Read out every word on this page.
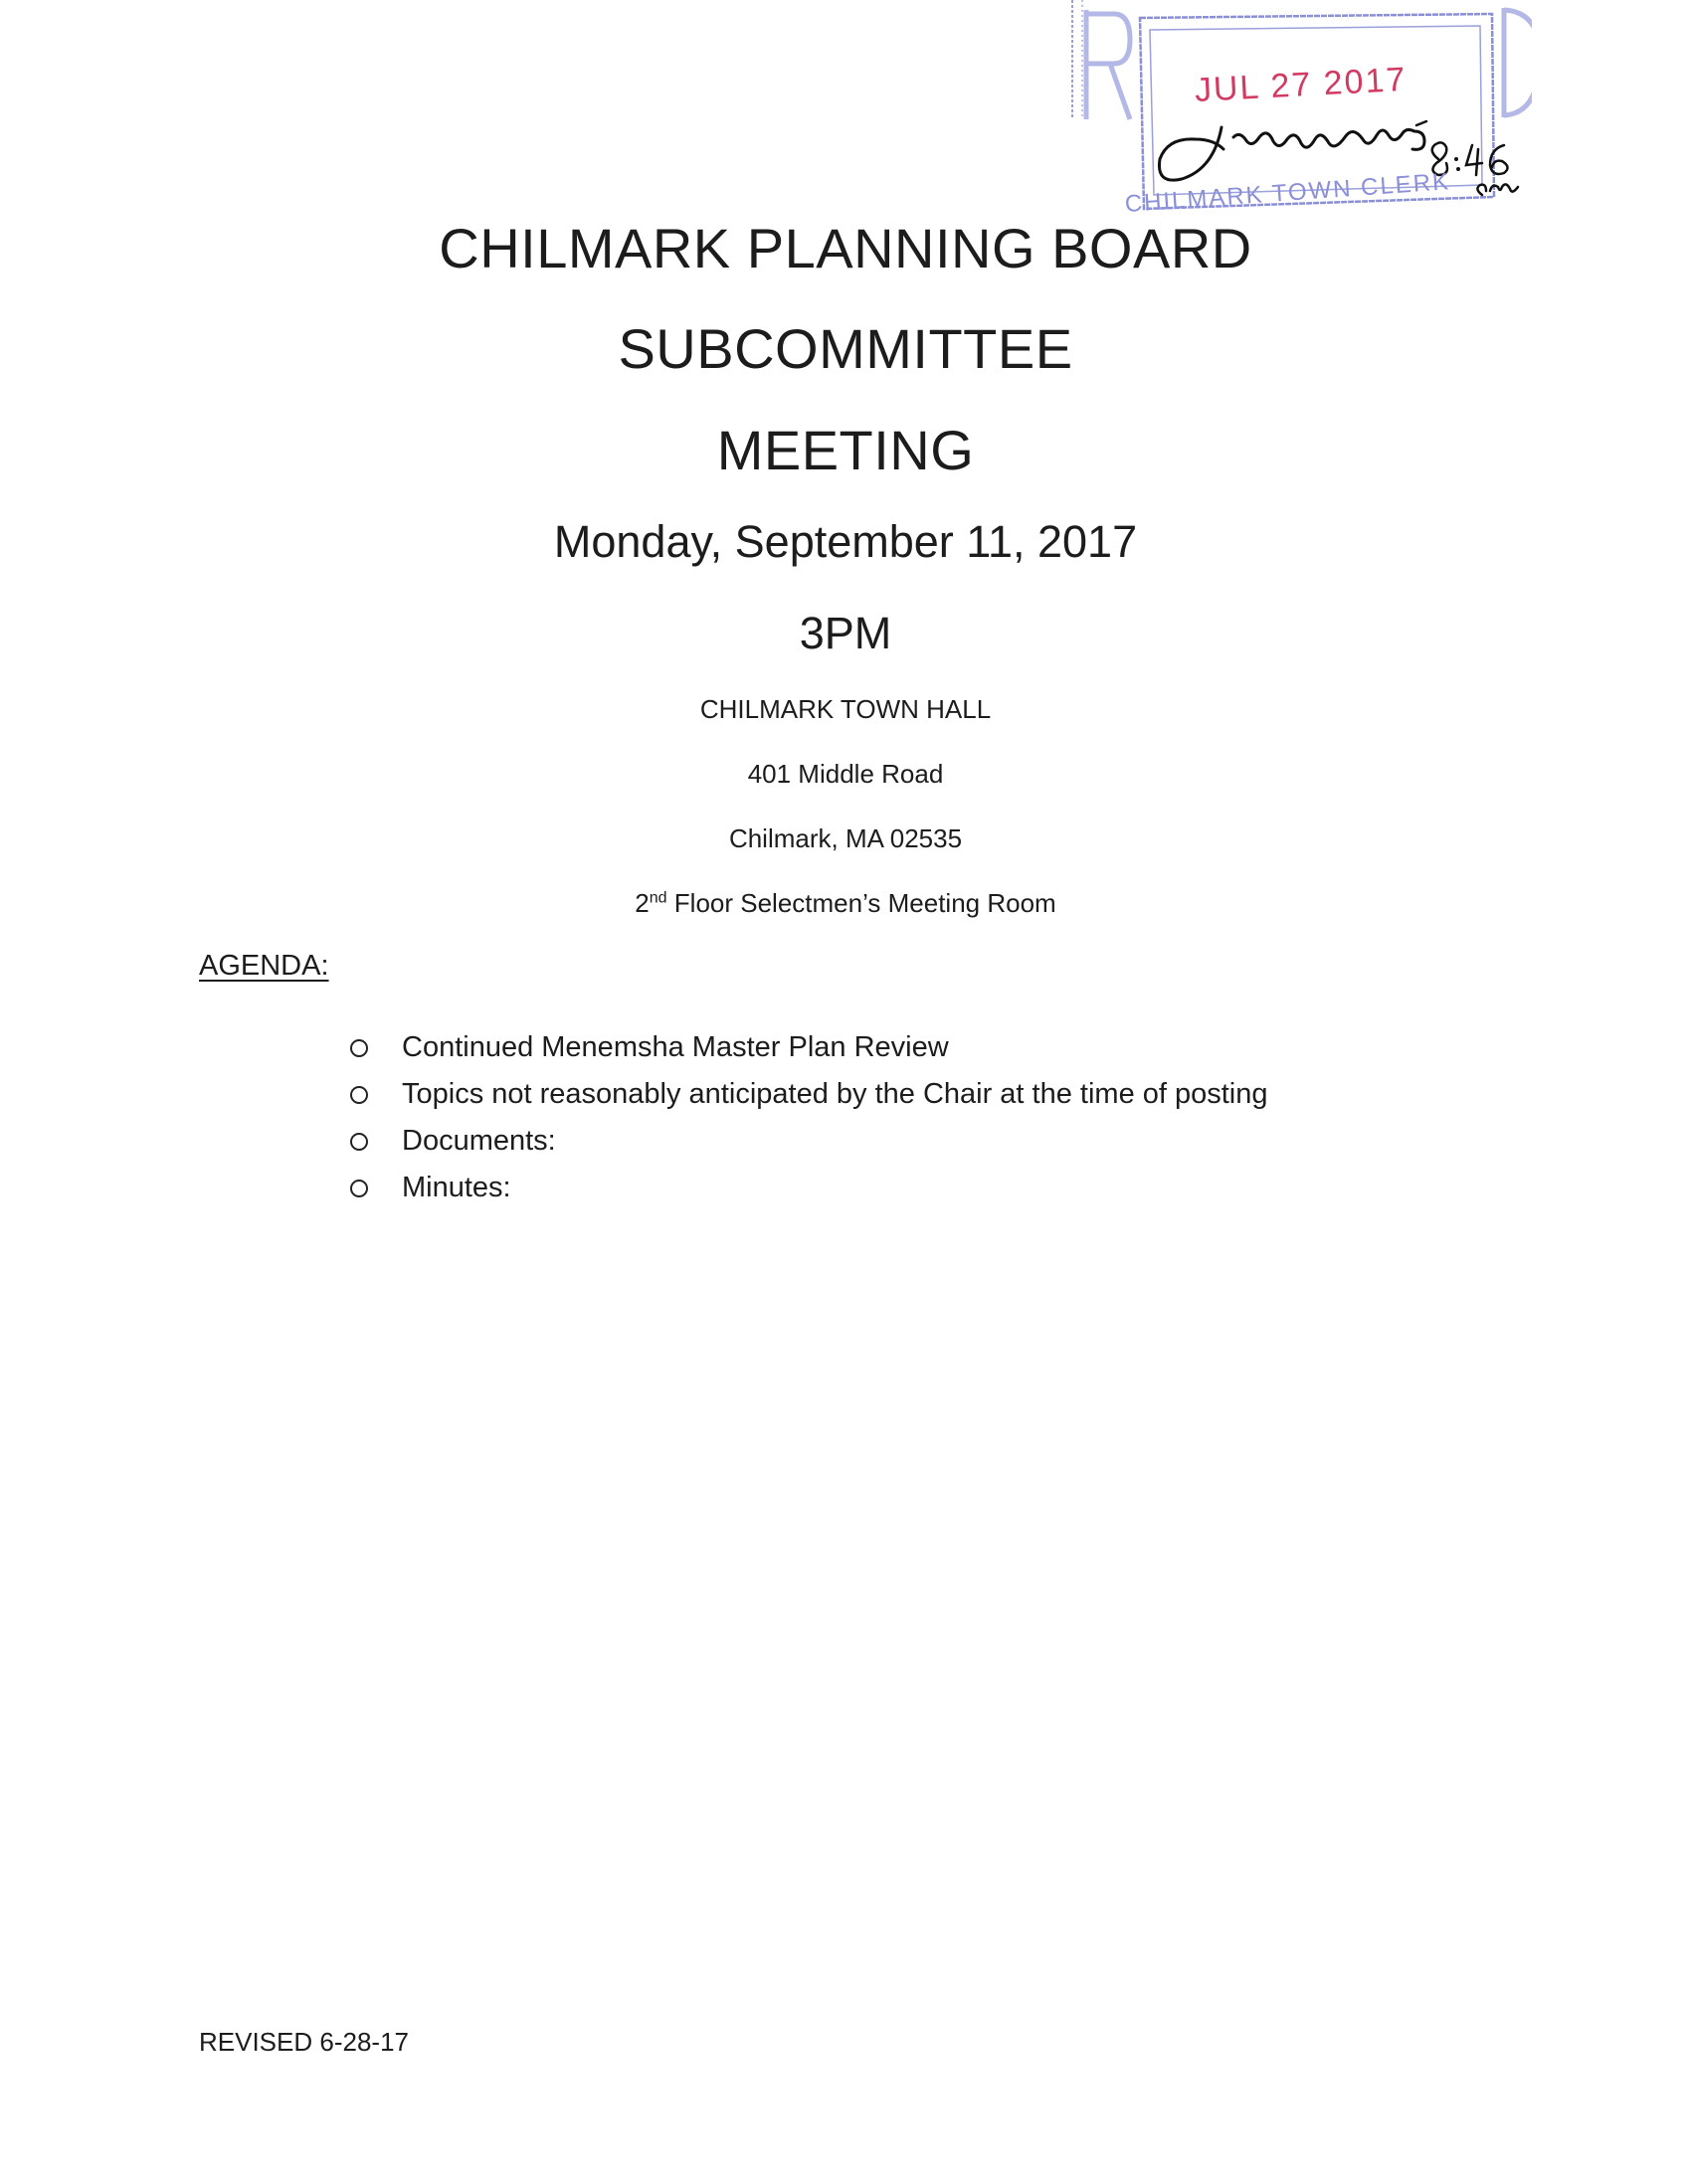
JUL 27 2017
CHILMARK TOWN CLERK
CHILMARK PLANNING BOARD
SUBCOMMITTEE
MEETING
Monday, September 11, 2017
3PM
CHILMARK TOWN HALL
401 Middle Road
Chilmark, MA 02535
2nd Floor Selectmen’s Meeting Room
AGENDA:
Continued Menemsha Master Plan Review
Topics not reasonably anticipated by the Chair at the time of posting
Documents:
Minutes:
REVISED 6-28-17
